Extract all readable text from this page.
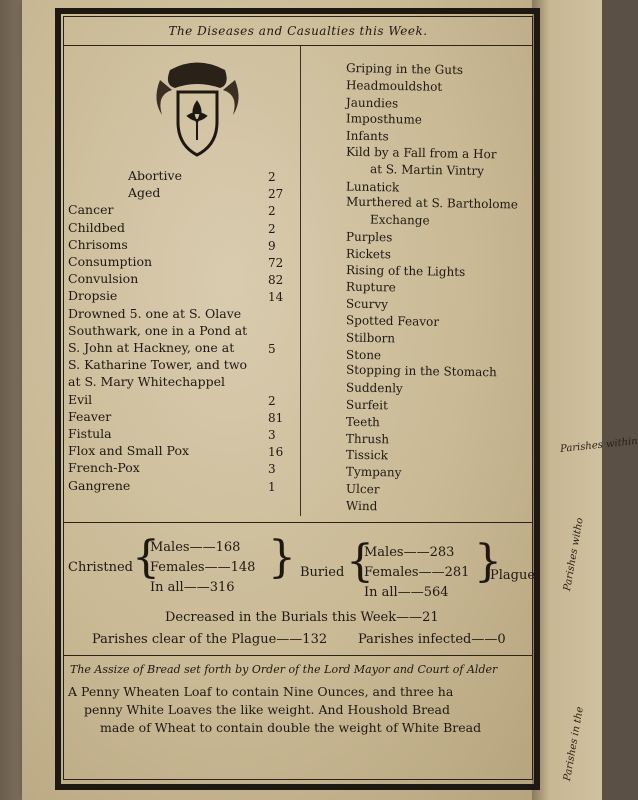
Parishes within
Parishes witho
Parishes in the
The Diseases and Casualties this Week.
Abortive	2
Aged	27
Cancer	2
Childbed	2
Chrisoms	9
Consumption	72
Convulsion	82
Dropsie	14
Drowned 5. one at S. Olave
Southwark, one in a Pond at
S. John at Hackney, one at	5
S. Katharine Tower, and two
at S. Mary Whitechappel
Evil	2
Feaver	81
Fistula	3
Flox and Small Pox	16
French-Pox	3
Gangrene	1
Griping in the Guts
Headmouldshot
Jaundies
Imposthume
Infants
Kild by a Fall from a Hor
at S. Martin Vintry
Lunatick
Murthered at S. Bartholome
Exchange
Purples
Rickets
Rising of the Lights
Rupture
Scurvy
Spotted Feavor
Stilborn
Stone
Stopping in the Stomach
Suddenly
Surfeit
Teeth
Thrush
Tissick
Tympany
Ulcer
Wind
Christned {
Males——168
Females——148
In all——316
} Buried {
Males——283
Females——281
In all——564
}
Plague
Decreased in the Burials this Week——21
Parishes clear of the Plague——132 Parishes infected——0
The Assize of Bread set forth by Order of the Lord Mayor and Court of Alder
A Penny Wheaten Loaf to contain Nine Ounces, and three ha
penny White Loaves the like weight. And Houshold Bread
made of Wheat to contain double the weight of White Bread
